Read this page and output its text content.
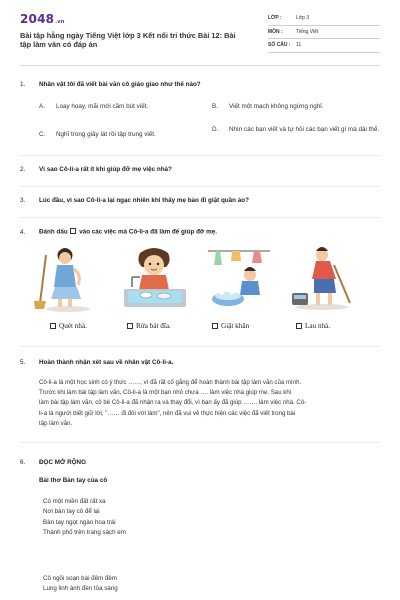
2048.vn
Bài tập hằng ngày Tiếng Việt lớp 3 Kết nối tri thức Bài 12: Bài tập làm văn có đáp án
LỚP :	Lớp 3
MÔN :	Tiếng Việt
SỐ CÂU :	11
1. Nhân vật tôi đã viết bài văn cô giáo giao như thế nào?
A.	Loay hoay, mãi mới cầm bút viết.	B.	Viết một mạch không ngừng nghỉ.
C.	Nghĩ trong giây lát rồi tập trung viết.
D.	Nhìn các bạn viết và tự hỏi các bạn viết gì mà dài thế.
2. Vì sao Cô-li-a rất ít khi giúp đỡ mẹ việc nhà?
3. Lúc đầu, vì sao Cô-li-a lại ngạc nhiên khi thấy mẹ bảo đi giặt quần áo?
4. Đánh dấu vào các việc mà Cô-li-a đã làm để giúp đỡ mẹ.
Quét nhà.	Rửa bát đĩa.	Giặt khăn	Lau nhà.
5. Hoàn thành nhận xét sau về nhân vật Cô-li-a.
Cô-li-a là một học sinh có ý thức ……, vì đã rất cố gắng để hoàn thành bài tập làm văn của mình.
Trước khi làm bài tập làm văn, Cô-li-a là một bạn nhỏ chưa …. làm việc nhà giúp mẹ. Sau khi
làm bài tập làm văn, cô bé Cô-li-a đã nhận ra và thay đổi, vì bạn ấy đã giúp ……. làm việc nhà. Cô-
li-a là người biết giữ lời, "…… đi đôi với làm", nên đã vui vẻ thực hiện các việc đã viết trong bài
tập làm văn.
6. ĐỌC MỞ RỘNG
Bài thơ Bàn tay của cô
Có một miền đất rất xa
Nơi bàn tay cô để lại
Bàn tay ngọt ngào hoa trái
Thành phố trên trang sách em
Cô ngồi soạn bài đêm đêm
Lung linh ánh đèn tỏa sáng
